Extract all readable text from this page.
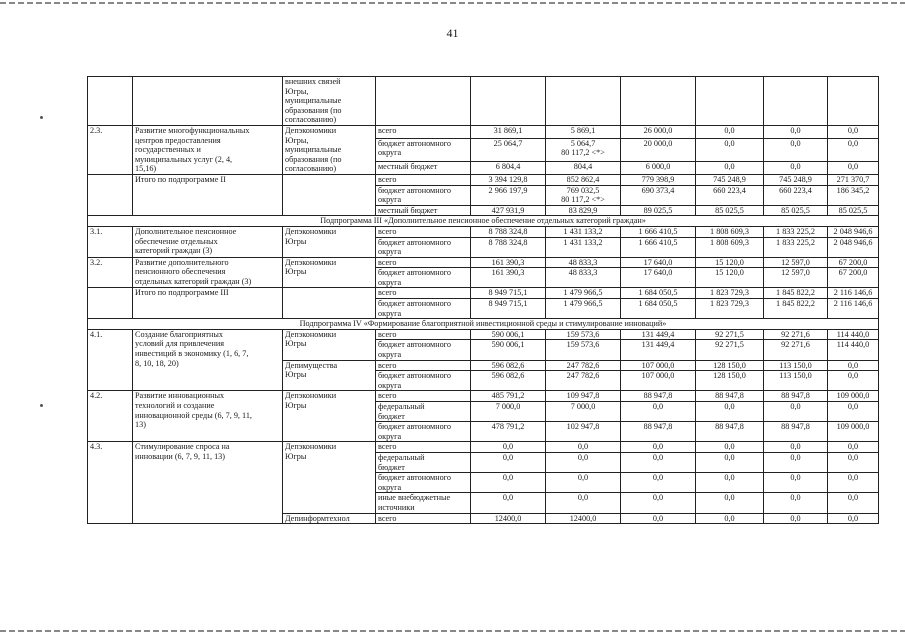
41
		внешних связей
Югры,
муниципальные
образования (по
согласованию)							
2.3.	Развитие многофункциональных
центров предоставления
государственных и
муниципальных услуг (2, 4,
15,16)	Депэкономики
Югры,
муниципальные
образования (по
согласованию)	всего	31 869,1	5 869,1	26 000,0	0,0	0,0	0,0
			бюджет автономного
округа	25 064,7	5 064,7
80 117,2 <*>	20 000,0	0,0	0,0	0,0
			местный бюджет	6 804,4	804,4	6 000,0	0,0	0,0	0,0
	Итого по подпрограмме II		всего	3 394 129,8	852 862,4	779 398,9	745 248,9	745 248,9	271 370,7
			бюджет автономного
округа	2 966 197,9	769 032,5
80 117,2 <*>	690 373,4	660 223,4	660 223,4	186 345,2
			местный бюджет	427 931,9	83 829,9	89 025,5	85 025,5	85 025,5	85 025,5
Подпрограмма III «Дополнительное пенсионное обеспечение отдельных категорий граждан»									
3.1.	Дополнительное пенсионное
обеспечение отдельных
категорий граждан (3)	Депэкономики
Югры	всего	8 788 324,8	1 431 133,2	1 666 410,5	1 808 609,3	1 833 225,2	2 048 946,6
			бюджет автономного
округа	8 788 324,8	1 431 133,2	1 666 410,5	1 808 609,3	1 833 225,2	2 048 946,6
3.2.	Развитие дополнительного
пенсионного обеспечения
отдельных категорий граждан (3)	Депэкономики
Югры	всего	161 390,3	48 833,3	17 640,0	15 120,0	12 597,0	67 200,0
			бюджет автономного
округа	161 390,3	48 833,3	17 640,0	15 120,0	12 597,0	67 200,0
	Итого по подпрограмме III		всего	8 949 715,1	1 479 966,5	1 684 050,5	1 823 729,3	1 845 822,2	2 116 146,6
			бюджет автономного
округа	8 949 715,1	1 479 966,5	1 684 050,5	1 823 729,3	1 845 822,2	2 116 146,6
Подпрограмма IV «Формирование благоприятной инвестиционной среды и стимулирование инноваций»									
4.1.	Создание благоприятных
условий для привлечения
инвестиций в экономику (1, 6, 7,
8, 10, 18, 20)	Депэкономики
Югры	всего	590 006,1	159 573,6	131 449,4	92 271,5	92 271,6	114 440,0
			бюджет автономного
округа	590 006,1	159 573,6	131 449,4	92 271,5	92 271,6	114 440,0
		Депимущества
Югры	всего	596 082,6	247 782,6	107 000,0	128 150,0	113 150,0	0,0
			бюджет автономного
округа	596 082,6	247 782,6	107 000,0	128 150,0	113 150,0	0,0
4.2.	Развитие инновационных
технологий и создание
инновационной среды (6, 7, 9, 11,
13)	Депэкономики
Югры	всего	485 791,2	109 947,8	88 947,8	88 947,8	88 947,8	109 000,0
			федеральный
бюджет	7 000,0	7 000,0	0,0	0,0	0,0	0,0
			бюджет автономного
округа	478 791,2	102 947,8	88 947,8	88 947,8	88 947,8	109 000,0
4.3.	Стимулирование спроса на
инновации (6, 7, 9, 11, 13)	Депэкономики
Югры	всего	0,0	0,0	0,0	0,0	0,0	0,0
			федеральный
бюджет	0,0	0,0	0,0	0,0	0,0	0,0
			бюджет автономного
округа	0,0	0,0	0,0	0,0	0,0	0,0
			иные внебюджетные
источники	0,0	0,0	0,0	0,0	0,0	0,0
		Депинформтехнол	всего	12400,0	12400,0	0,0	0,0	0,0	0,0
